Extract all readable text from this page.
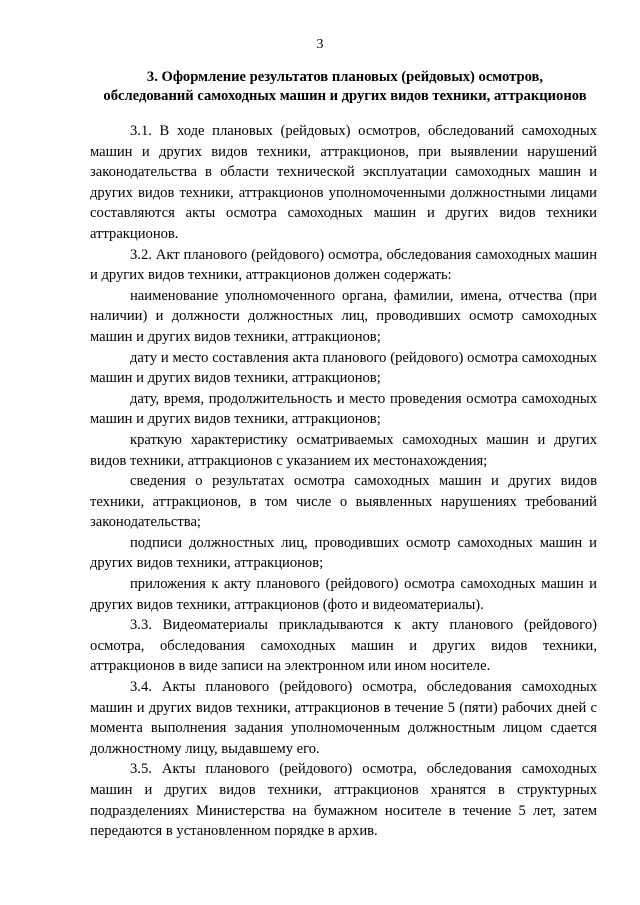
3
3. Оформление результатов плановых (рейдовых) осмотров,
обследований самоходных машин и других видов техники, аттракционов

3.1. В ходе плановых (рейдовых) осмотров, обследований самоходных машин и других видов техники, аттракционов, при выявлении нарушений законодательства в области технической эксплуатации самоходных машин и других видов техники, аттракционов уполномоченными должностными лицами составляются акты осмотра самоходных машин и других видов техники аттракционов.

3.2. Акт планового (рейдового) осмотра, обследования самоходных машин и других видов техники, аттракционов должен содержать:

наименование уполномоченного органа, фамилии, имена, отчества (при наличии) и должности должностных лиц, проводивших осмотр самоходных машин и других видов техники, аттракционов;

дату и место составления акта планового (рейдового) осмотра самоходных машин и других видов техники, аттракционов;

дату, время, продолжительность и место проведения осмотра самоходных машин и других видов техники, аттракционов;

краткую характеристику осматриваемых самоходных машин и других видов техники, аттракционов с указанием их местонахождения;

сведения о результатах осмотра самоходных машин и других видов техники, аттракционов, в том числе о выявленных нарушениях требований законодательства;

подписи должностных лиц, проводивших осмотр самоходных машин и других видов техники, аттракционов;

приложения к акту планового (рейдового) осмотра самоходных машин и других видов техники, аттракционов (фото и видеоматериалы).

3.3. Видеоматериалы прикладываются к акту планового (рейдового) осмотра, обследования самоходных машин и других видов техники, аттракционов в виде записи на электронном или ином носителе.

3.4. Акты планового (рейдового) осмотра, обследования самоходных машин и других видов техники, аттракционов в течение 5 (пяти) рабочих дней с момента выполнения задания уполномоченным должностным лицом сдается должностному лицу, выдавшему его.

3.5. Акты планового (рейдового) осмотра, обследования самоходных машин и других видов техники, аттракционов хранятся в структурных подразделениях Министерства на бумажном носителе в течение 5 лет, затем передаются в установленном порядке в архив.
